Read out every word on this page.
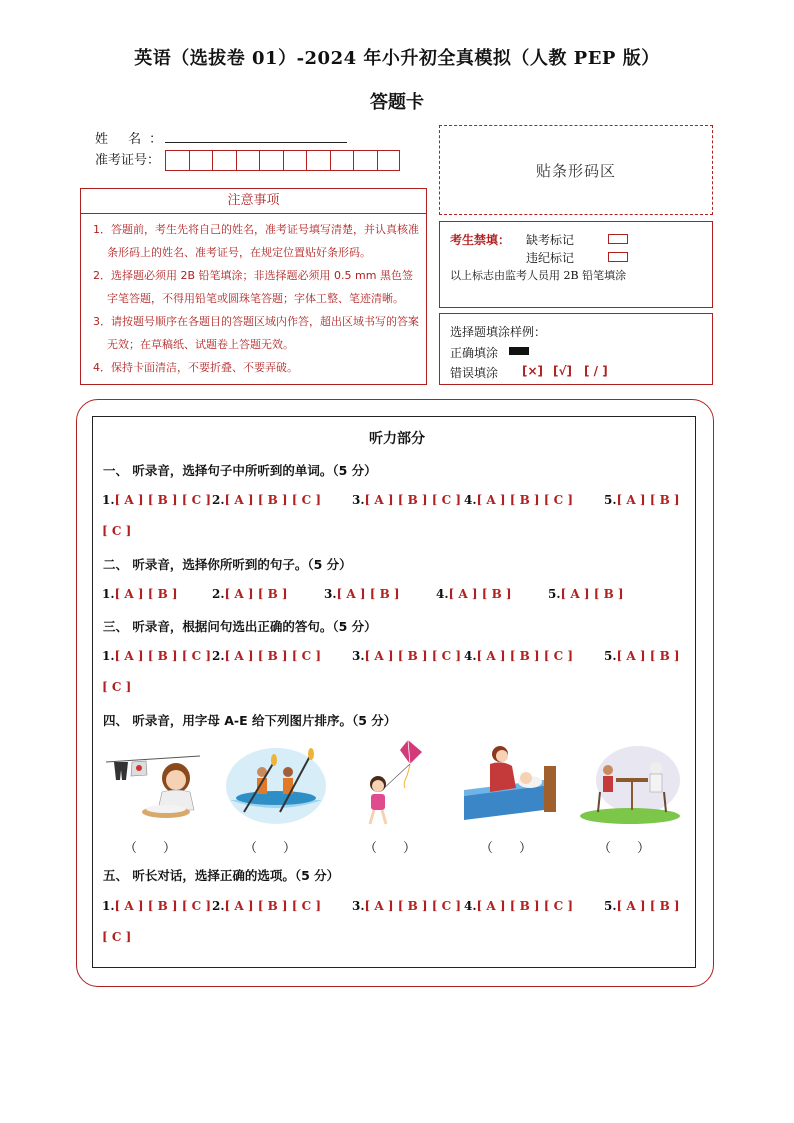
英语（选拔卷 01）-2024 年小升初全真模拟（人教 PEP 版）
答题卡
姓 名：
准考证号：
贴条形码区
注意事项
1．答题前，考生先将自己的姓名，准考证号填写清楚，并认真核准条形码上的姓名、准考证号，在规定位置贴好条形码。
2．选择题必须用 2B 铅笔填涂；非选择题必须用 0.5 mm 黑色签字笔答题，不得用铅笔或圆珠笔答题；字体工整、笔迹清晰。
3．请按题号顺序在各题目的答题区域内作答，超出区域书写的答案无效；在草稿纸、试题卷上答题无效。
4．保持卡面清洁，不要折叠、不要弄破。
考生禁填： 缺考标记
违纪标记
以上标志由监考人员用 2B 铅笔填涂
选择题填涂样例：
正确填涂
错误填涂 [×] [√] [ / ]
听力部分
一、 听录音，选择句子中所听到的单词。（5 分）
1.[ A ] [ B ] [ C ] 2.[ A ] [ B ] [ C ]	3.[ A ] [ B ] [ C ] 4.[ A ] [ B ] [ C ]	5.[ A ] [ B ]
[ C ]
二、 听录音，选择你所听到的句子。（5 分）
1.[ A ] [ B ]	2.[ A ] [ B ]	3.[ A ] [ B ]	4.[ A ] [ B ]	5.[ A ] [ B ]
三、 听录音，根据问句选出正确的答句。（5 分）
1.[ A ] [ B ] [ C ] 2.[ A ] [ B ] [ C ]	3.[ A ] [ B ] [ C ] 4.[ A ] [ B ] [ C ]	5.[ A ] [ B ]
[ C ]
四、 听录音，用字母 A-E 给下列图片排序。（5 分）
（　　）	（　　）	（　　）	（　　）	（　　）
五、 听长对话，选择正确的选项。（5 分）
1.[ A ] [ B ] [ C ] 2.[ A ] [ B ] [ C ]	3.[ A ] [ B ] [ C ] 4.[ A ] [ B ] [ C ]	5.[ A ] [ B ]
[ C ]
